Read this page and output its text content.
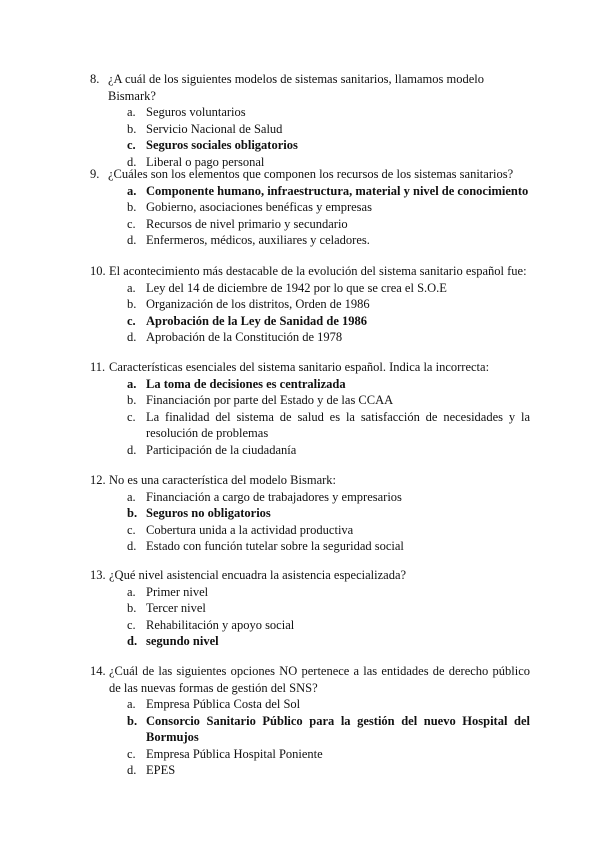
8. ¿A cuál de los siguientes modelos de sistemas sanitarios, llamamos modelo Bismark?
a. Seguros voluntarios
b. Servicio Nacional de Salud
c. Seguros sociales obligatorios
d. Liberal o pago personal
9. ¿Cuáles son los elementos que componen los recursos de los sistemas sanitarios?
a. Componente humano, infraestructura, material y nivel de conocimiento
b. Gobierno, asociaciones benéficas y empresas
c. Recursos de nivel primario y secundario
d. Enfermeros, médicos, auxiliares y celadores.
10. El acontecimiento más destacable de la evolución del sistema sanitario español fue:
a. Ley del 14 de diciembre de 1942 por lo que se crea el S.O.E
b. Organización de los distritos, Orden de 1986
c. Aprobación de la Ley de Sanidad de 1986
d. Aprobación de la Constitución de 1978
11. Características esenciales del sistema sanitario español. Indica la incorrecta:
a. La toma de decisiones es centralizada
b. Financiación por parte del Estado y de las CCAA
c. La finalidad del sistema de salud es la satisfacción de necesidades y la resolución de problemas
d. Participación de la ciudadanía
12. No es una característica del modelo Bismark:
a. Financiación a cargo de trabajadores y empresarios
b. Seguros no obligatorios
c. Cobertura unida a la actividad productiva
d. Estado con función tutelar sobre la seguridad social
13. ¿Qué nivel asistencial encuadra la asistencia especializada?
a. Primer nivel
b. Tercer nivel
c. Rehabilitación y apoyo social
d. segundo nivel
14. ¿Cuál de las siguientes opciones NO pertenece a las entidades de derecho público de las nuevas formas de gestión del SNS?
a. Empresa Pública Costa del Sol
b. Consorcio Sanitario Público para la gestión del nuevo Hospital del Bormujos
c. Empresa Pública Hospital Poniente
d. EPES
